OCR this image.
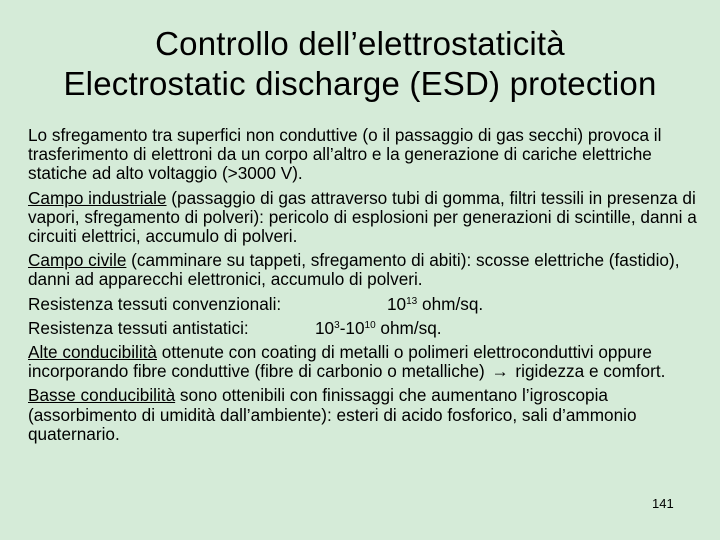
Controllo dell’elettrostaticità
Electrostatic discharge (ESD) protection

Lo sfregamento tra superfici non conduttive (o il passaggio di gas secchi) provoca il trasferimento di elettroni da un corpo all’altro e la generazione di cariche elettriche statiche ad alto voltaggio (>3000 V).

Campo industriale (passaggio di gas attraverso tubi di gomma, filtri tessili in presenza di vapori, sfregamento di polveri): pericolo di esplosioni per generazioni di scintille, danni a circuiti elettrici, accumulo di polveri.

Campo civile (camminare su tappeti, sfregamento di abiti): scosse elettriche (fastidio), danni ad apparecchi elettronici, accumulo di polveri.

Resistenza tessuti convenzionali:	$10^{13}$ ohm/sq.
Resistenza tessuti antistatici:	$10^3-10^{10}$ ohm/sq.

Alte conducibilità ottenute con coating di metalli o polimeri elettroconduttivi oppure incorporando fibre conduttive (fibre di carbonio o metalliche) → rigidezza e comfort.

Basse conducibilità sono ottenibili con finissaggi che aumentano l’igroscopia (assorbimento di umidità dall’ambiente): esteri di acido fosforico, sali d’ammonio quaternario.

141
